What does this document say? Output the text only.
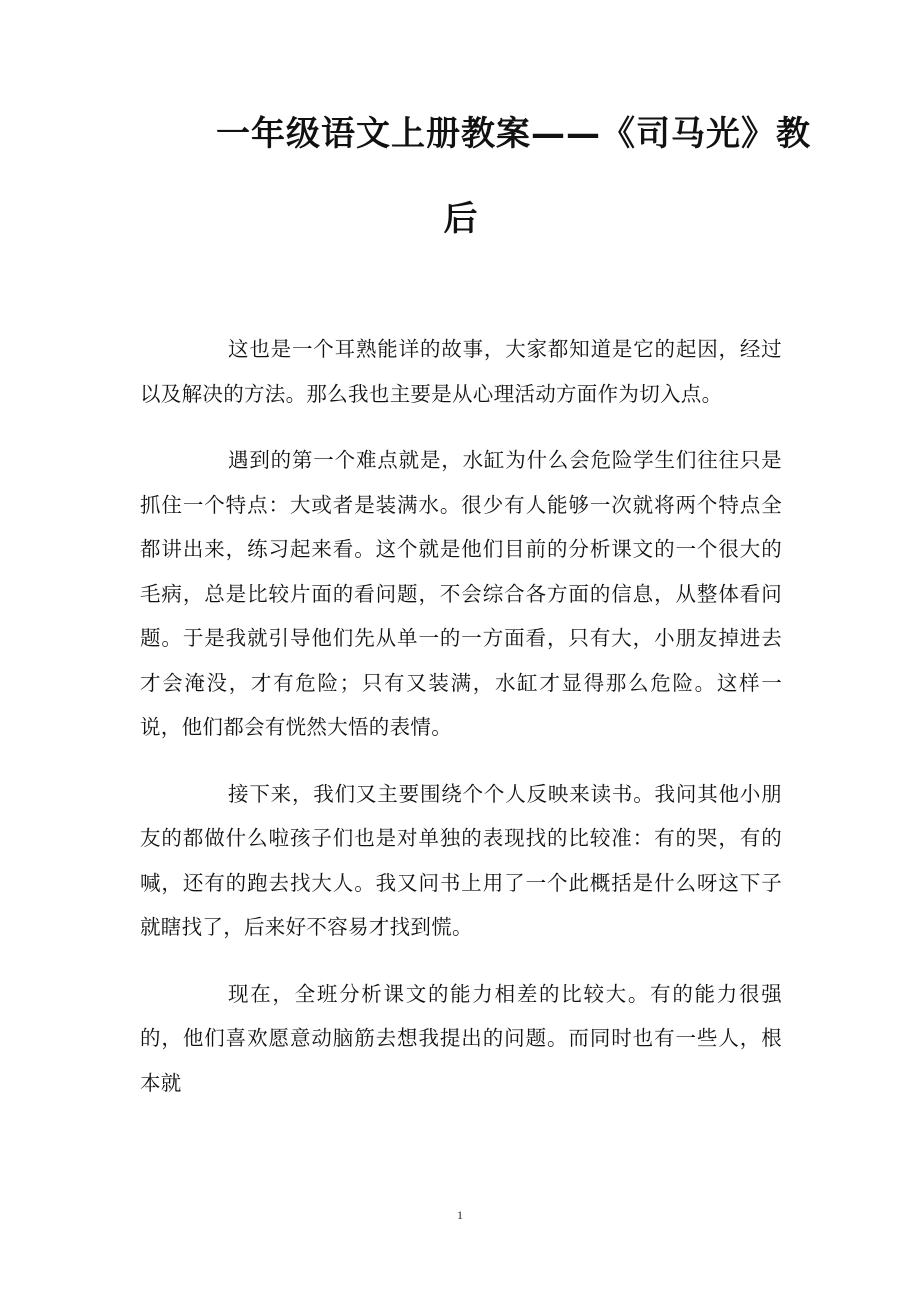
一年级语文上册教案——《司马光》教
后

这也是一个耳熟能详的故事，大家都知道是它的起因，经过以及解决的方法。那么我也主要是从心理活动方面作为切入点。

遇到的第一个难点就是，水缸为什么会危险学生们往往只是抓住一个特点：大或者是装满水。很少有人能够一次就将两个特点全都讲出来，练习起来看。这个就是他们目前的分析课文的一个很大的毛病，总是比较片面的看问题，不会综合各方面的信息，从整体看问题。于是我就引导他们先从单一的一方面看，只有大，小朋友掉进去才会淹没，才有危险；只有又装满，水缸才显得那么危险。这样一说，他们都会有恍然大悟的表情。

接下来，我们又主要围绕个个人反映来读书。我问其他小朋友的都做什么啦孩子们也是对单独的表现找的比较准：有的哭，有的喊，还有的跑去找大人。我又问书上用了一个此概括是什么呀这下子就瞎找了，后来好不容易才找到慌。

现在，全班分析课文的能力相差的比较大。有的能力很强的，他们喜欢愿意动脑筋去想我提出的问题。而同时也有一些人，根本就

1
